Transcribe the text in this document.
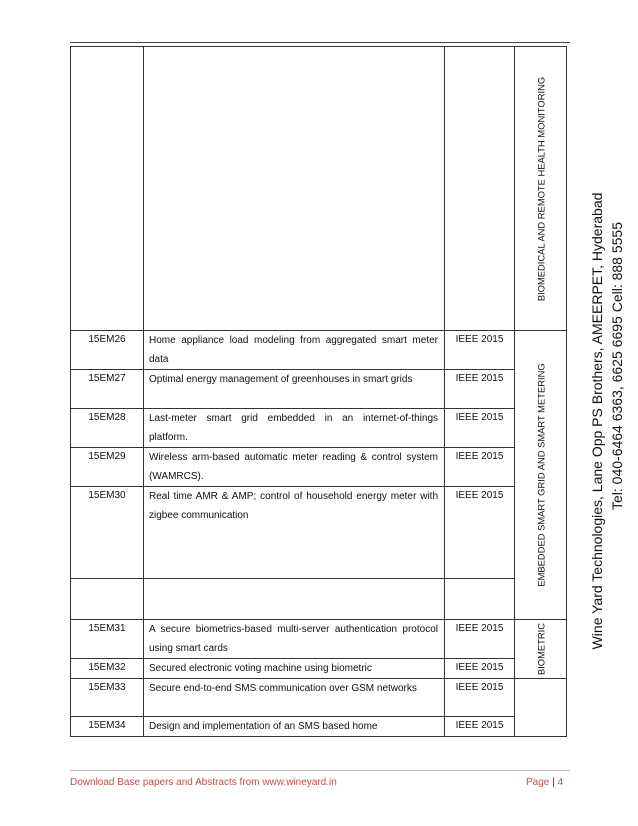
			BIOMEDICAL AND REMOTE HEALTH MONITORING

15EM26	Home appliance load modeling from aggregated smart meter data	IEEE 2015	EMBEDDED SMART GRID AND SMART METERING

15EM27	Optimal energy management of greenhouses in smart grids	IEEE 2015	
15EM28	Last-meter smart grid embedded in an internet-of-things platform.	IEEE 2015	
15EM29	Wireless arm-based automatic meter reading & control system (WAMRCS).	IEEE 2015	
15EM30	Real time AMR & AMP; control of household energy meter with zigbee communication	IEEE 2015	

15EM31	A secure biometrics-based multi-server authentication protocol using smart cards	IEEE 2015	BIOMETRIC

15EM32	Secured electronic voting machine using biometric	IEEE 2015	
15EM33	Secure end-to-end SMS communication over GSM networks	IEEE 2015	
15EM34	Design and implementation of an SMS based home	IEEE 2015	
Wine Yard Technologies, Lane Opp PS Brothers, AMEERPET, Hyderabad Tel: 040-6464 6363, 6625 6695 Cell: 888 5555
Download Base papers and Abstracts from www.wineyard.in	Page | 4
